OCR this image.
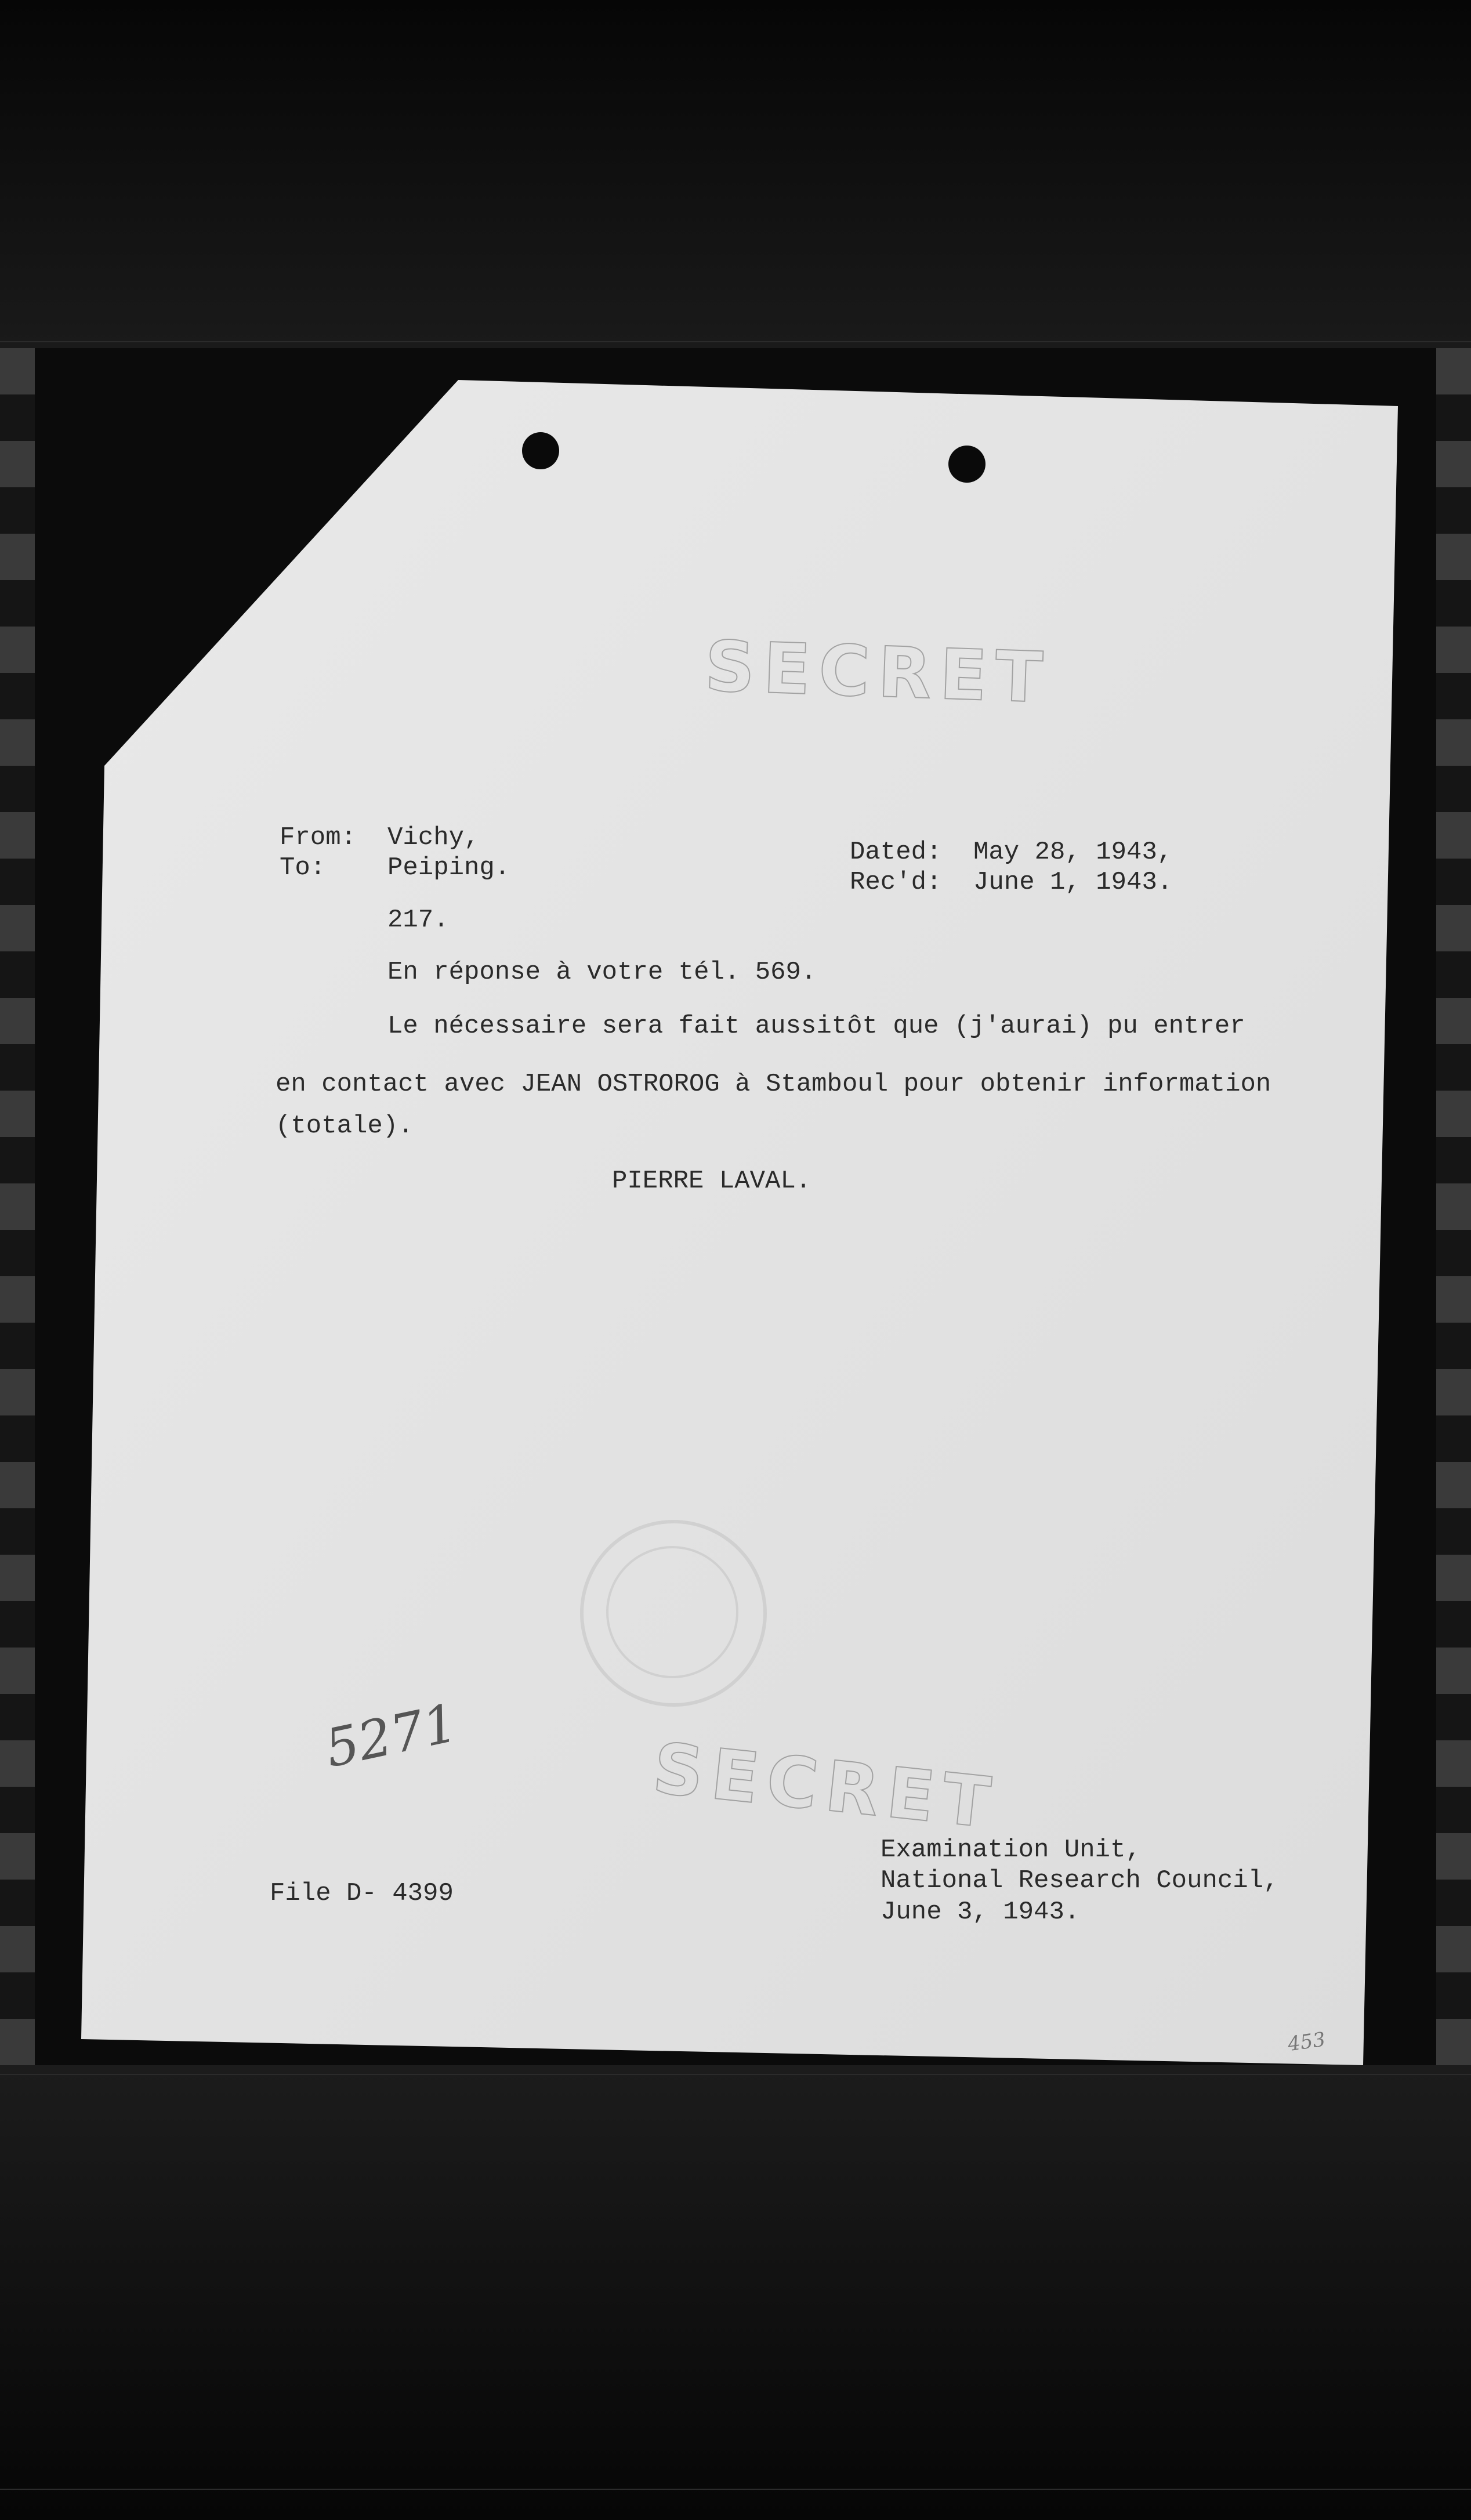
SECRET
SECRET
From: Vichy,
To: Peiping.
Dated: May 28, 1943,
Rec'd: June 1, 1943.
217.
En réponse à votre tél. 569.
Le nécessaire sera fait aussitôt que (j'aurai) pu entrer
en contact avec JEAN OSTROROG à Stamboul pour obtenir information
(totale).
PIERRE LAVAL.
5271
File D- 4399
Examination Unit,
National Research Council,
June 3, 1943.
453
